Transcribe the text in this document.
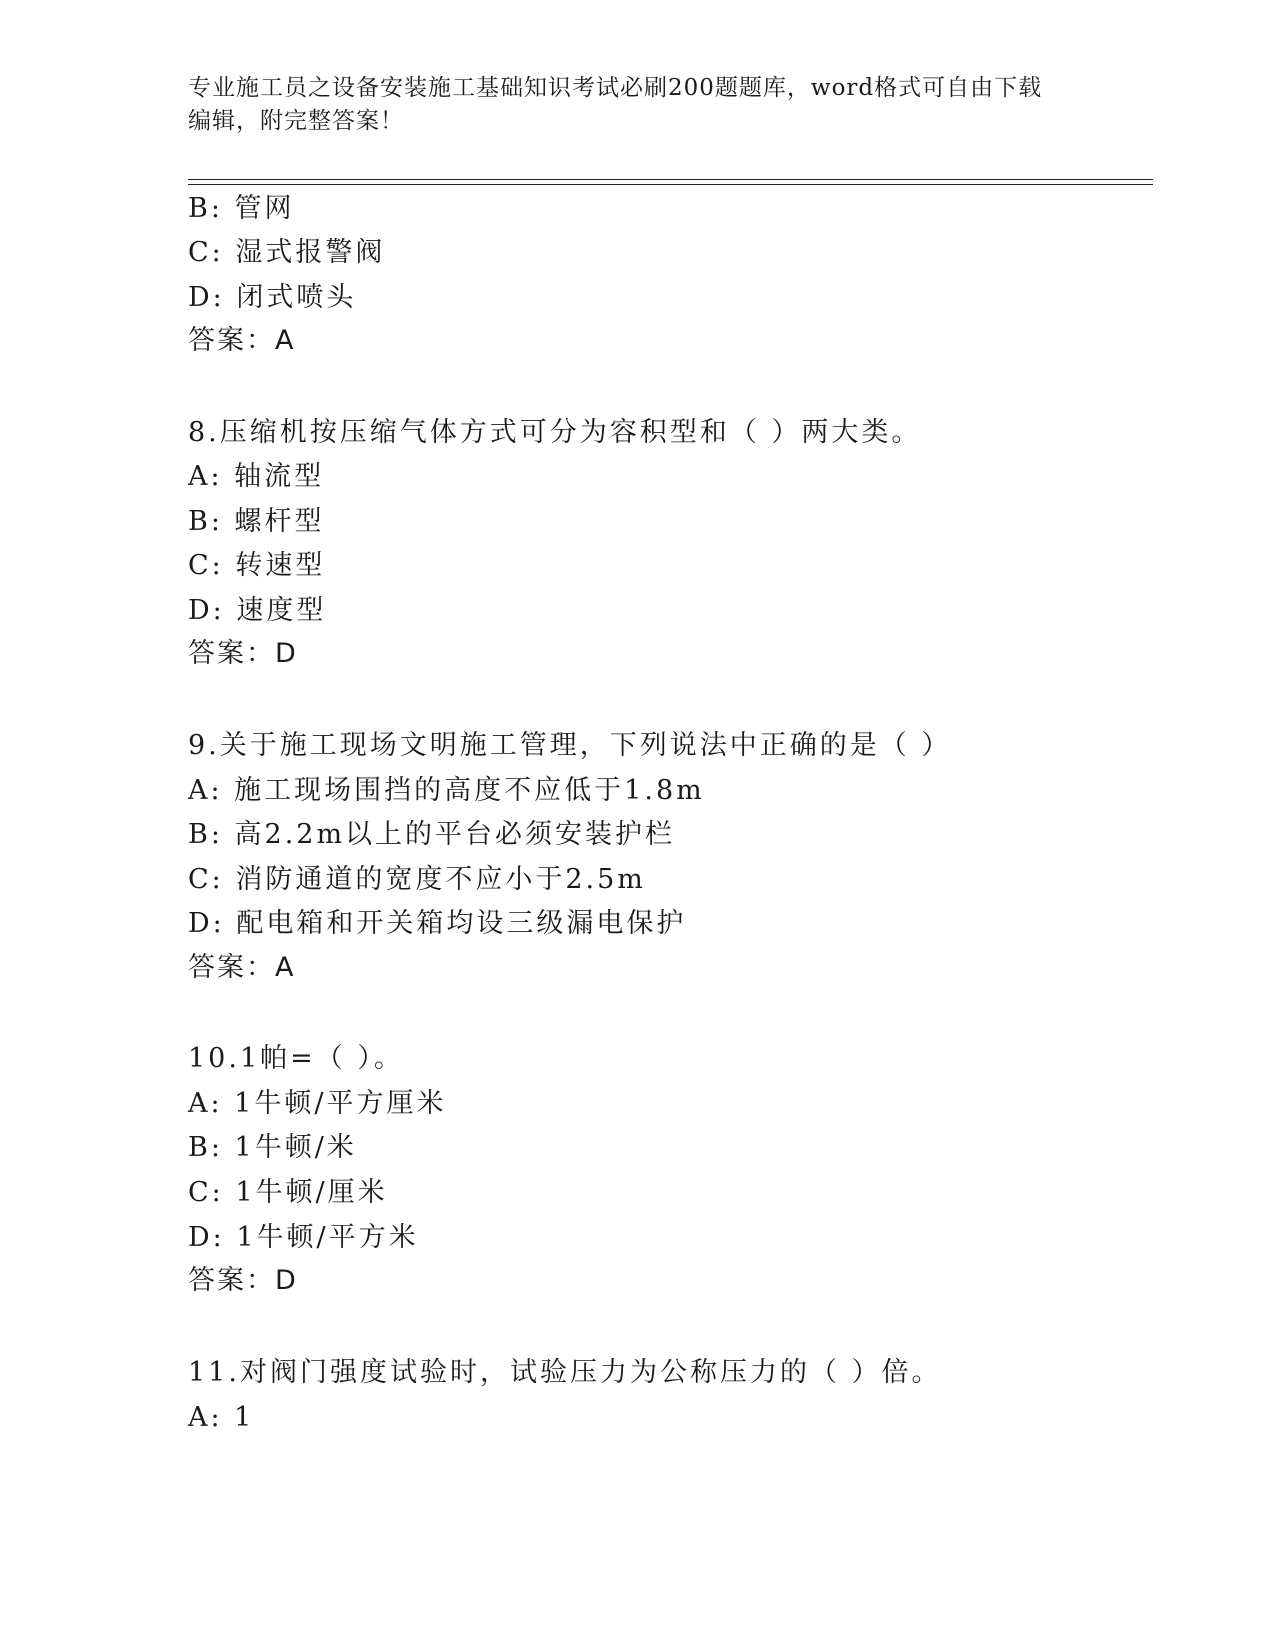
专业施工员之设备安装施工基础知识考试必刷200题题库，word格式可自由下载
编辑，附完整答案！
B: 管网
C: 湿式报警阀
D: 闭式喷头
答案：A
8.压缩机按压缩气体方式可分为容积型和（ ）两大类。
A: 轴流型
B: 螺杆型
C: 转速型
D: 速度型
答案：D
9.关于施工现场文明施工管理，下列说法中正确的是（ ）
A: 施工现场围挡的高度不应低于1.8m
B: 高2.2m以上的平台必须安装护栏
C: 消防通道的宽度不应小于2.5m
D: 配电箱和开关箱均设三级漏电保护
答案：A
10.1帕=（ ）。
A: 1牛顿/平方厘米
B: 1牛顿/米
C: 1牛顿/厘米
D: 1牛顿/平方米
答案：D
11.对阀门强度试验时，试验压力为公称压力的（ ）倍。
A: 1
